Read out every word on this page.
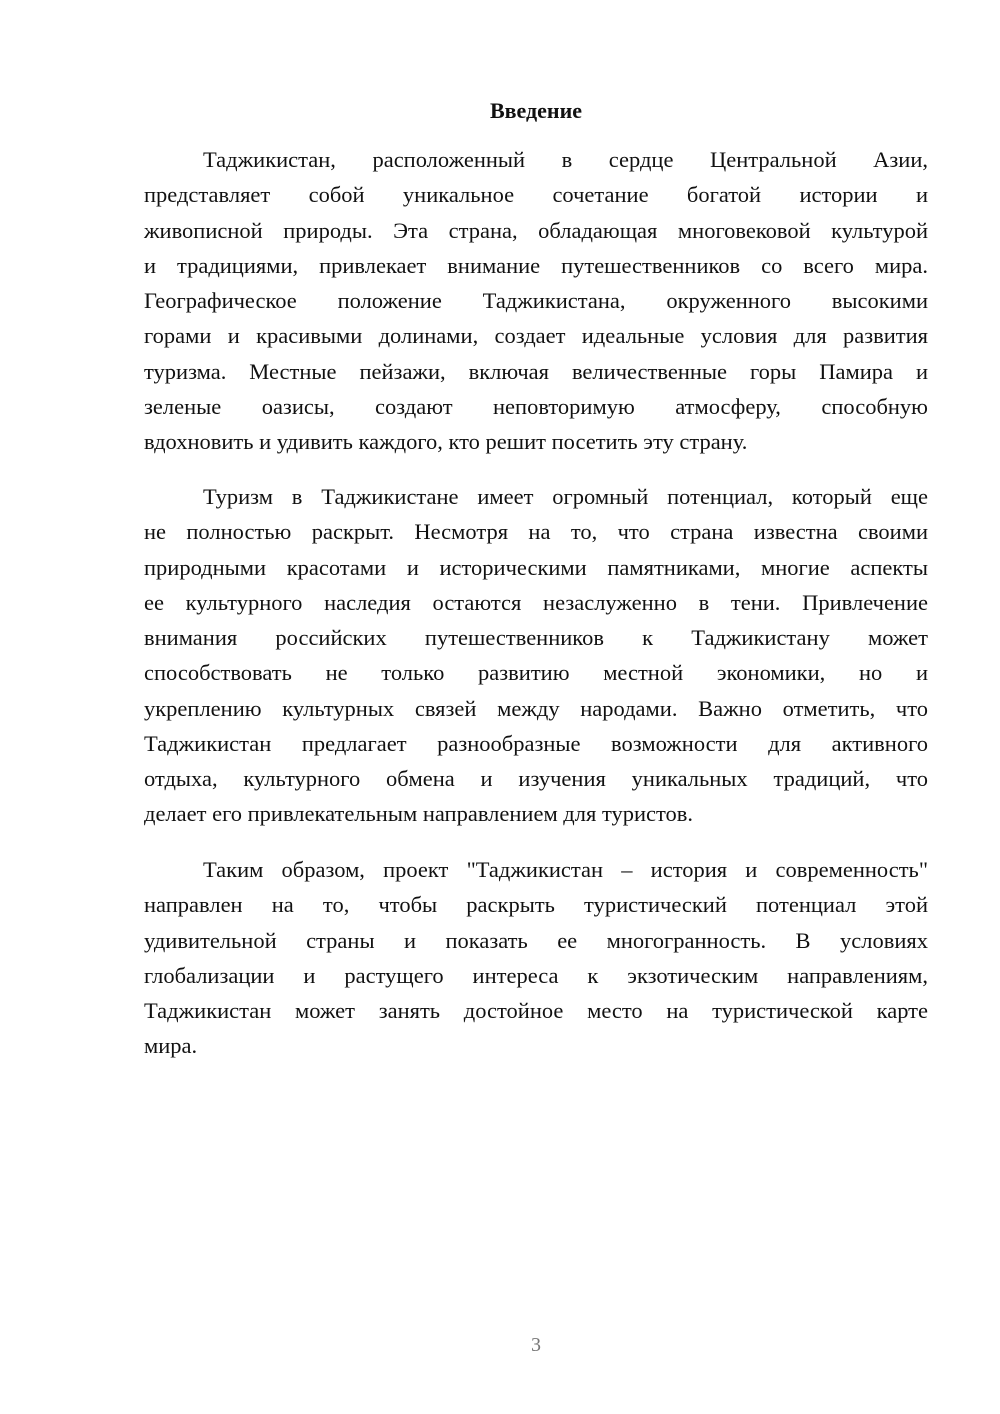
Введение
Таджикистан, расположенный в сердце Центральной Азии,
представляет собой уникальное сочетание богатой истории и
живописной природы. Эта страна, обладающая многовековой культурой
и традициями, привлекает внимание путешественников со всего мира.
Географическое положение Таджикистана, окруженного высокими
горами и красивыми долинами, создает идеальные условия для развития
туризма. Местные пейзажи, включая величественные горы Памира и
зеленые оазисы, создают неповторимую атмосферу, способную
вдохновить и удивить каждого, кто решит посетить эту страну.
Туризм в Таджикистане имеет огромный потенциал, который еще
не полностью раскрыт. Несмотря на то, что страна известна своими
природными красотами и историческими памятниками, многие аспекты
ее культурного наследия остаются незаслуженно в тени. Привлечение
внимания российских путешественников к Таджикистану может
способствовать не только развитию местной экономики, но и
укреплению культурных связей между народами. Важно отметить, что
Таджикистан предлагает разнообразные возможности для активного
отдыха, культурного обмена и изучения уникальных традиций, что
делает его привлекательным направлением для туристов.
Таким образом, проект "Таджикистан – история и современность"
направлен на то, чтобы раскрыть туристический потенциал этой
удивительной страны и показать ее многогранность. В условиях
глобализации и растущего интереса к экзотическим направлениям,
Таджикистан может занять достойное место на туристической карте
мира.
3
